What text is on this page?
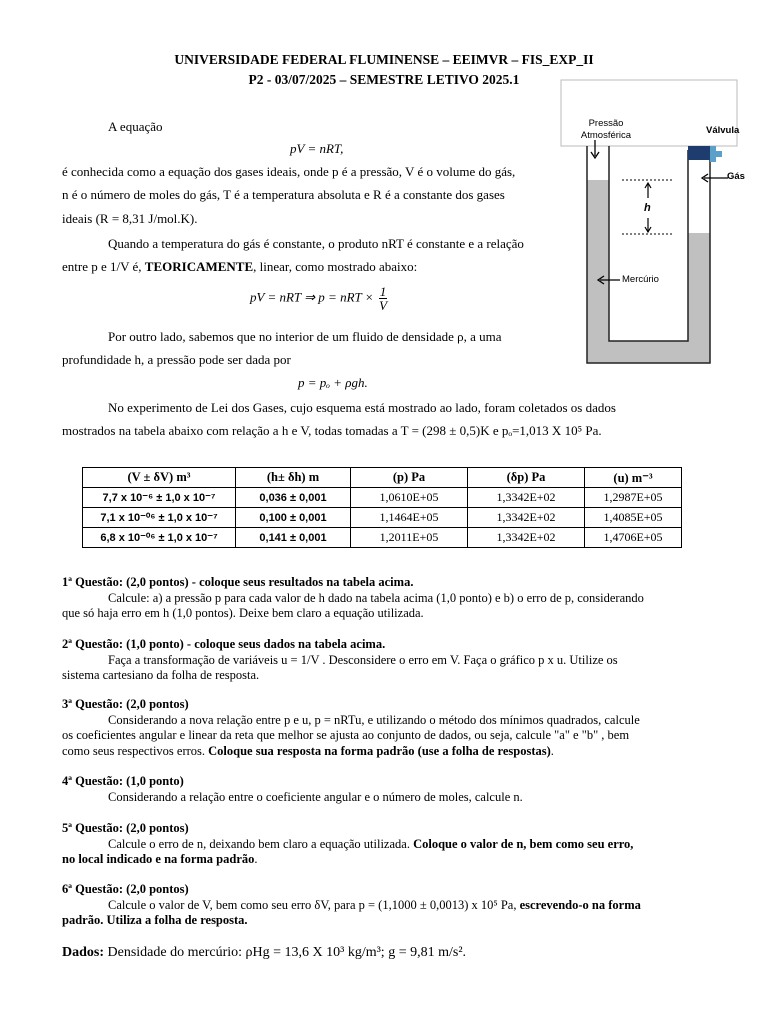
UNIVERSIDADE FEDERAL FLUMINENSE – EEIMVR – FIS_EXP_II
P2 - 03/07/2025 – SEMESTRE LETIVO 2025.1
A equação
pV = nRT,
é conhecida como a equação dos gases ideais, onde p é a pressão, V é o volume do gás,
n é o número de moles do gás, T é a temperatura absoluta e R é a constante dos gases
ideais (R = 8,31 J/mol.K).
Quando a temperatura do gás é constante, o produto nRT é constante e a relação
entre p e 1/V é, TEORICAMENTE, linear, como mostrado abaixo:
pV = nRT ⇒ p = nRT × $\frac{1}{V}$
Por outro lado, sabemos que no interior de um fluido de densidade ρ, a uma
profundidade h, a pressão pode ser dada por
p = pₒ + ρgh.
No experimento de Lei dos Gases, cujo esquema está mostrado ao lado, foram coletados os dados
mostrados na tabela abaixo com relação a h e V, todas tomadas a T = (298 ± 0,5)K e pₒ=1,013 X 10⁵ Pa.
Pressão
Atmosférica	Válvula
Gás
h
Mercúrio
(V ± δV) m³	(h± δh) m	(p) Pa	(δp) Pa	(u) m⁻³
7,7 x 10⁻⁶ ± 1,0 x 10⁻⁷	0,036 ± 0,001	1,0610E+05	1,3342E+02	1,2987E+05
7,1 x 10⁻⁰⁶ ± 1,0 x 10⁻⁷	0,100 ± 0,001	1,1464E+05	1,3342E+02	1,4085E+05
6,8 x 10⁻⁰⁶ ± 1,0 x 10⁻⁷	0,141 ± 0,001	1,2011E+05	1,3342E+02	1,4706E+05
1ª Questão: (2,0 pontos) - coloque seus resultados na tabela acima.
Calcule: a) a pressão p para cada valor de h dado na tabela acima (1,0 ponto) e b) o erro de p, considerando
que só haja erro em h (1,0 pontos). Deixe bem claro a equação utilizada.
2ª Questão: (1,0 ponto) - coloque seus dados na tabela acima.
Faça a transformação de variáveis u = 1/V . Desconsidere o erro em V. Faça o gráfico p x u. Utilize os
sistema cartesiano da folha de resposta.
3ª Questão: (2,0 pontos)
Considerando a nova relação entre p e u, p = nRTu, e utilizando o método dos mínimos quadrados, calcule
os coeficientes angular e linear da reta que melhor se ajusta ao conjunto de dados, ou seja, calcule "a" e "b" , bem
como seus respectivos erros. Coloque sua resposta na forma padrão (use a folha de respostas).
4ª Questão: (1,0 ponto)
Considerando a relação entre o coeficiente angular e o número de moles, calcule n.
5ª Questão: (2,0 pontos)
Calcule o erro de n, deixando bem claro a equação utilizada. Coloque o valor de n, bem como seu erro,
no local indicado e na forma padrão.
6ª Questão: (2,0 pontos)
Calcule o valor de V, bem como seu erro δV, para p = (1,1000 ± 0,0013) x 10⁵ Pa, escrevendo-o na forma
padrão. Utiliza a folha de resposta.
Dados: Densidade do mercúrio: ρHg = 13,6 X 10³ kg/m³; g = 9,81 m/s².
